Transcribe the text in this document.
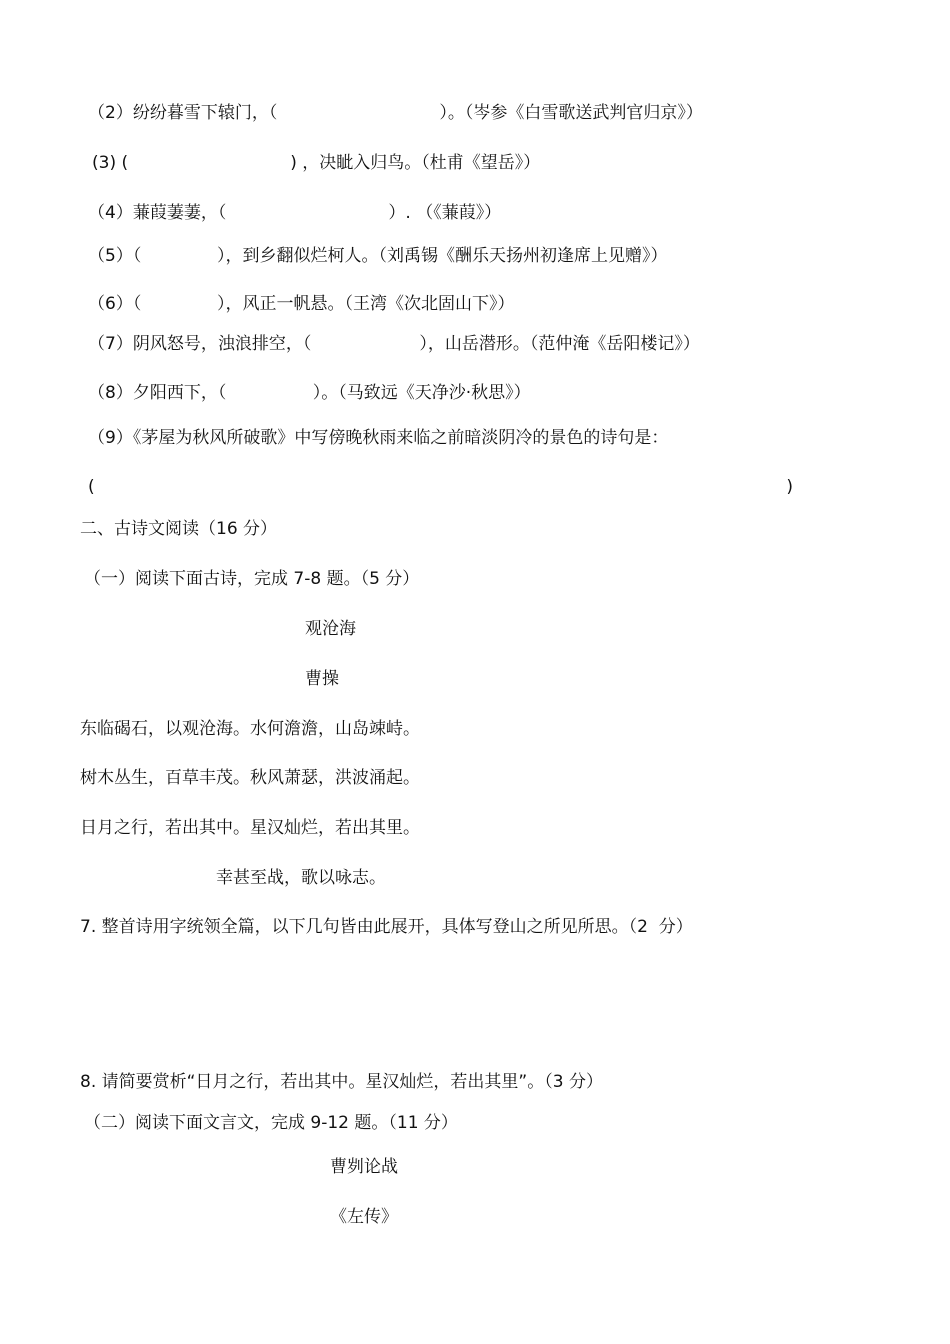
（2）纷纷暮雪下辕门，（                              ）。（岑参《白雪歌送武判官归京》）
(3) (                              ) ，决眦入归鸟。（杜甫《望岳》）
（4）蒹葭萋萋，（                              ）. （《蒹葭》）
（5）（              ），到乡翻似烂柯人。（刘禹锡《酬乐天扬州初逢席上见赠》）
（6）（              ），风正一帆悬。（王湾《次北固山下》）
（7）阴风怒号，浊浪排空，（                    ），山岳潜形。（范仲淹《岳阳楼记》）
（8）夕阳西下，（                ）。（马致远《天净沙·秋思》）
（9）《茅屋为秋风所破歌》中写傍晚秋雨来临之前暗淡阴冷的景色的诗句是：
(                                                                                                                                )
二、古诗文阅读（16 分）
（一）阅读下面古诗，完成 7-8 题。（5 分）
观沧海
曹操
东临碣石，以观沧海。水何澹澹，山岛竦峙。
树木丛生，百草丰茂。秋风萧瑟，洪波涌起。
日月之行，若出其中。星汉灿烂，若出其里。
幸甚至战，歌以咏志。
7. 整首诗用字统领全篇，以下几句皆由此展开，具体写登山之所见所思。（2  分）
8. 请简要赏析“日月之行，若出其中。星汉灿烂，若出其里”。（3 分）
（二）阅读下面文言文，完成 9-12 题。（11 分）
曹刿论战
《左传》
